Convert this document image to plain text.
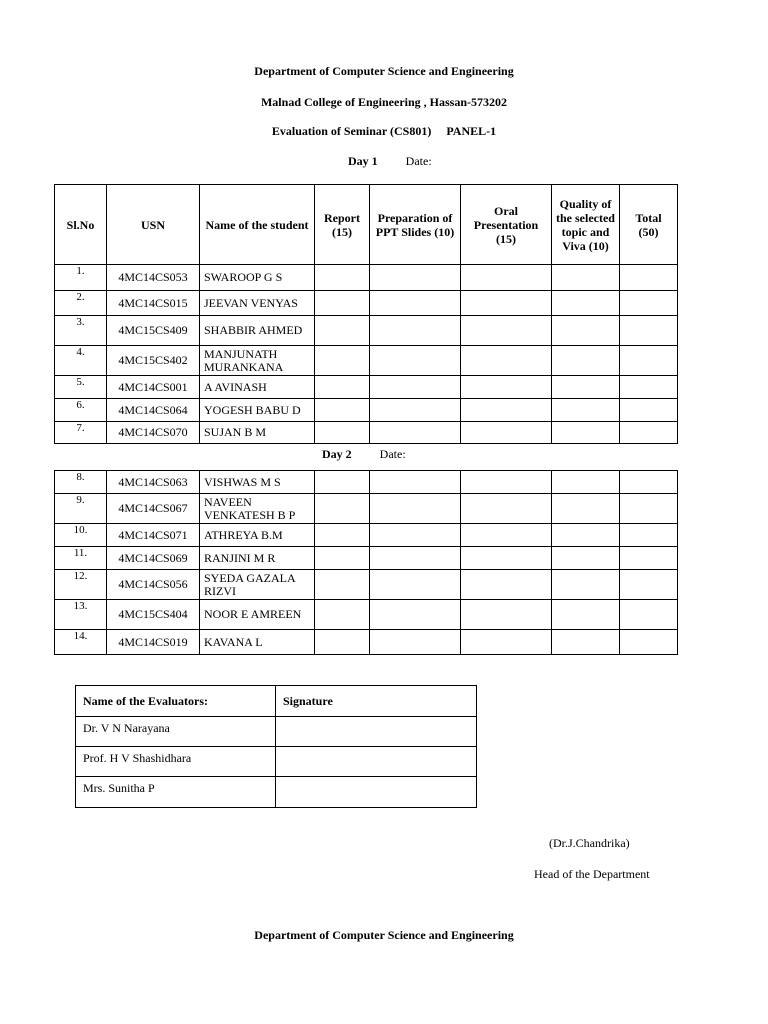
Department of Computer Science and Engineering
Malnad College of Engineering , Hassan-573202
Evaluation of Seminar (CS801) PANEL-1
Day 1 Date:
Sl.No	USN	Name of the student	Report (15)	Preparation of PPT Slides (10)	Oral Presentation (15)	Quality of the selected topic and Viva (10)	Total (50)
1.	4MC14CS053	SWAROOP G S					
2.	4MC14CS015	JEEVAN VENYAS					
3.	4MC15CS409	SHABBIR AHMED					
4.	4MC15CS402	MANJUNATH MURANKANA					
5.	4MC14CS001	A AVINASH					
6.	4MC14CS064	YOGESH BABU D					
7.	4MC14CS070	SUJAN B M					
Day 2 Date:
8.	4MC14CS063	VISHWAS M S					
9.	4MC14CS067	NAVEEN VENKATESH B P					
10.	4MC14CS071	ATHREYA B.M					
11.	4MC14CS069	RANJINI M R					
12.	4MC14CS056	SYEDA GAZALA RIZVI					
13.	4MC15CS404	NOOR E AMREEN					
14.	4MC14CS019	KAVANA L					
Name of the Evaluators:	Signature
Dr. V N Narayana	
Prof. H V Shashidhara	
Mrs. Sunitha P	
(Dr.J.Chandrika)
Head of the Department
Department of Computer Science and Engineering
